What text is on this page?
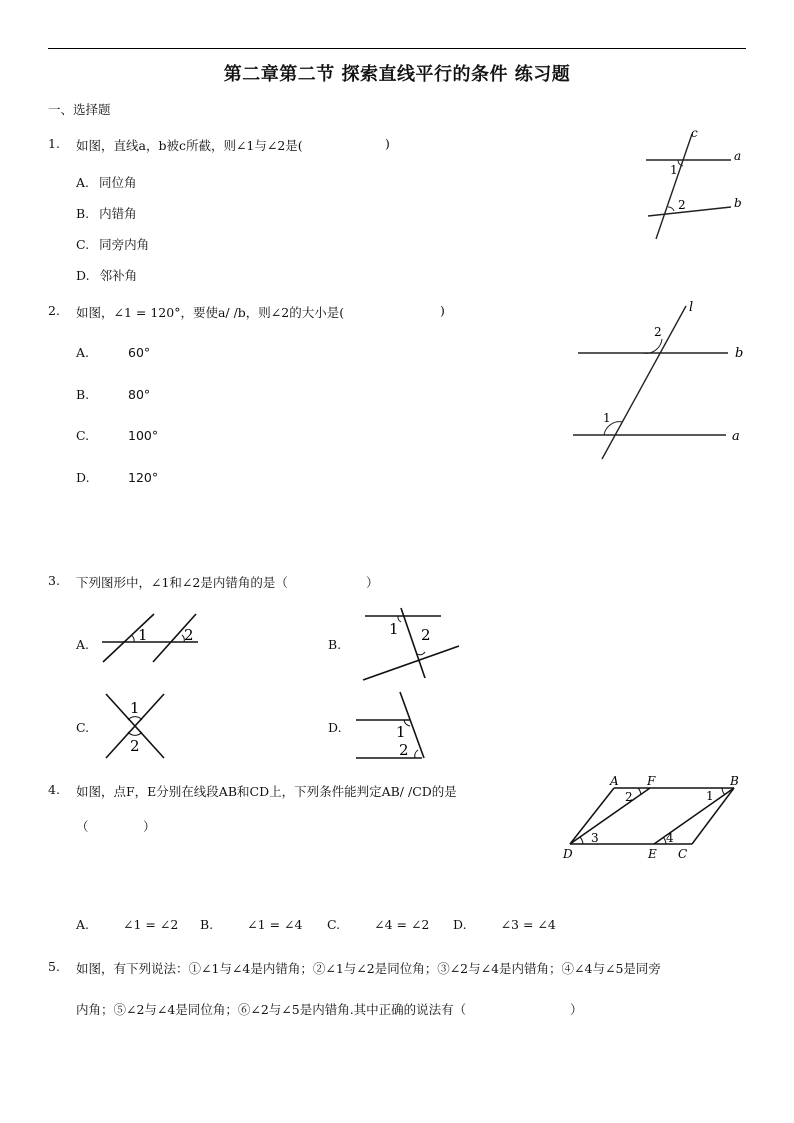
第二章第二节 探索直线平行的条件 练习题
一、选择题
1. 如图，直线a，b被c所截，则∠1与∠2是(	)
A. 同位角
B. 内错角
C. 同旁内角
D. 邻补角
c
a
b
1
2
2. 如图，∠1 = 120°，要使a/ /b，则∠2的大小是(	)
A.	60°
B.	80°
C.	100°
D.	120°
l
b
a
2
1
3. 下列图形中，∠1和∠2是内错角的是（	）
A.
1 2
B.
1 2
C.
1
2
D.	1
2
4. 如图，点F，E分别在线段AB和CD上，下列条件能判定AB/ /CD的是
（	）
A F	B
D	E C
1
2
3	4
A.	∠1 = ∠2 B.	∠1 = ∠4 C.	∠4 = ∠2 D.	∠3 = ∠4
5. 如图，有下列说法：①∠1与∠4是内错角；②∠1与∠2是同位角；③∠2与∠4是内错角；④∠4与∠5是同旁
内角；⑤∠2与∠4是同位角；⑥∠2与∠5是内错角.其中正确的说法有（	）
